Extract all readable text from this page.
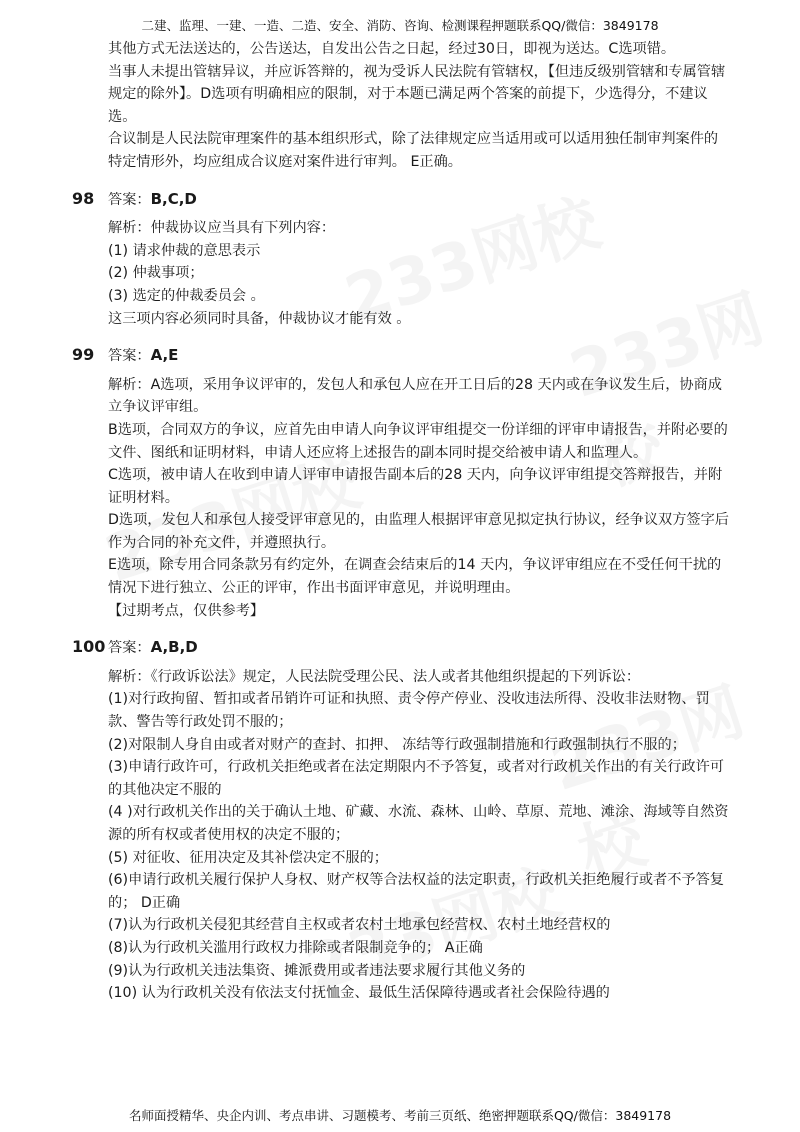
二建、监理、一建、一造、二造、安全、消防、咨询、检测课程押题联系QQ/微信：3849178

其他方式无法送达的，公告送达，自发出公告之日起，经过30日，即视为送达。C选项错。

当事人未提出管辖异议，并应诉答辩的，视为受诉人民法院有管辖权，【但违反级别管辖和专属管辖规定的除外】。D选项有明确相应的限制，对于本题已满足两个答案的前提下，少选得分，不建议选。

合议制是人民法院审理案件的基本组织形式，除了法律规定应当适用或可以适用独任制审判案件的特定情形外，均应组成合议庭对案件进行审判。 E正确。

98 答案：B,C,D

解析：仲裁协议应当具有下列内容：

(1) 请求仲裁的意思表示

(2) 仲裁事项；

(3) 选定的仲裁委员会 。

这三项内容必须同时具备，仲裁协议才能有效 。

99 答案：A,E

解析：A选项，采用争议评审的，发包人和承包人应在开工日后的28 天内或在争议发生后，协商成立争议评审组。

B选项，合同双方的争议，应首先由申请人向争议评审组提交一份详细的评审申请报告，并附必要的文件、图纸和证明材料，申请人还应将上述报告的副本同时提交给被申请人和监理人。

C选项，被申请人在收到申请人评审申请报告副本后的28 天内，向争议评审组提交答辩报告，并附证明材料。

D选项，发包人和承包人接受评审意见的，由监理人根据评审意见拟定执行协议，经争议双方签字后作为合同的补充文件，并遵照执行。

E选项，除专用合同条款另有约定外，在调查会结束后的14 天内，争议评审组应在不受任何干扰的情况下进行独立、公正的评审，作出书面评审意见，并说明理由。

【过期考点，仅供参考】

100 答案：A,B,D

解析：《行政诉讼法》规定，人民法院受理公民、法人或者其他组织提起的下列诉讼：

(1)对行政拘留、暂扣或者吊销许可证和执照、责令停产停业、没收违法所得、没收非法财物、罚款、警告等行政处罚不服的；

(2)对限制人身自由或者对财产的查封、扣押、 冻结等行政强制措施和行政强制执行不服的；

(3)申请行政许可，行政机关拒绝或者在法定期限内不予答复，或者对行政机关作出的有关行政许可的其他决定不服的

(4 )对行政机关作出的关于确认土地、矿藏、水流、森林、山岭、草原、荒地、滩涂、海域等自然资源的所有权或者使用权的决定不服的；

(5) 对征收、征用决定及其补偿决定不服的；

(6)申请行政机关履行保护人身权、财产权等合法权益的法定职责，行政机关拒绝履行或者不予答复的； D正确

(7)认为行政机关侵犯其经营自主权或者农村土地承包经营权、农村土地经营权的

(8)认为行政机关滥用行政权力排除或者限制竞争的； A正确

(9)认为行政机关违法集资、摊派费用或者违法要求履行其他义务的

(10) 认为行政机关没有依法支付抚恤金、最低生活保障待遇或者社会保险待遇的

名师面授精华、央企内训、考点串讲、习题模考、考前三页纸、绝密押题联系QQ/微信：3849178
